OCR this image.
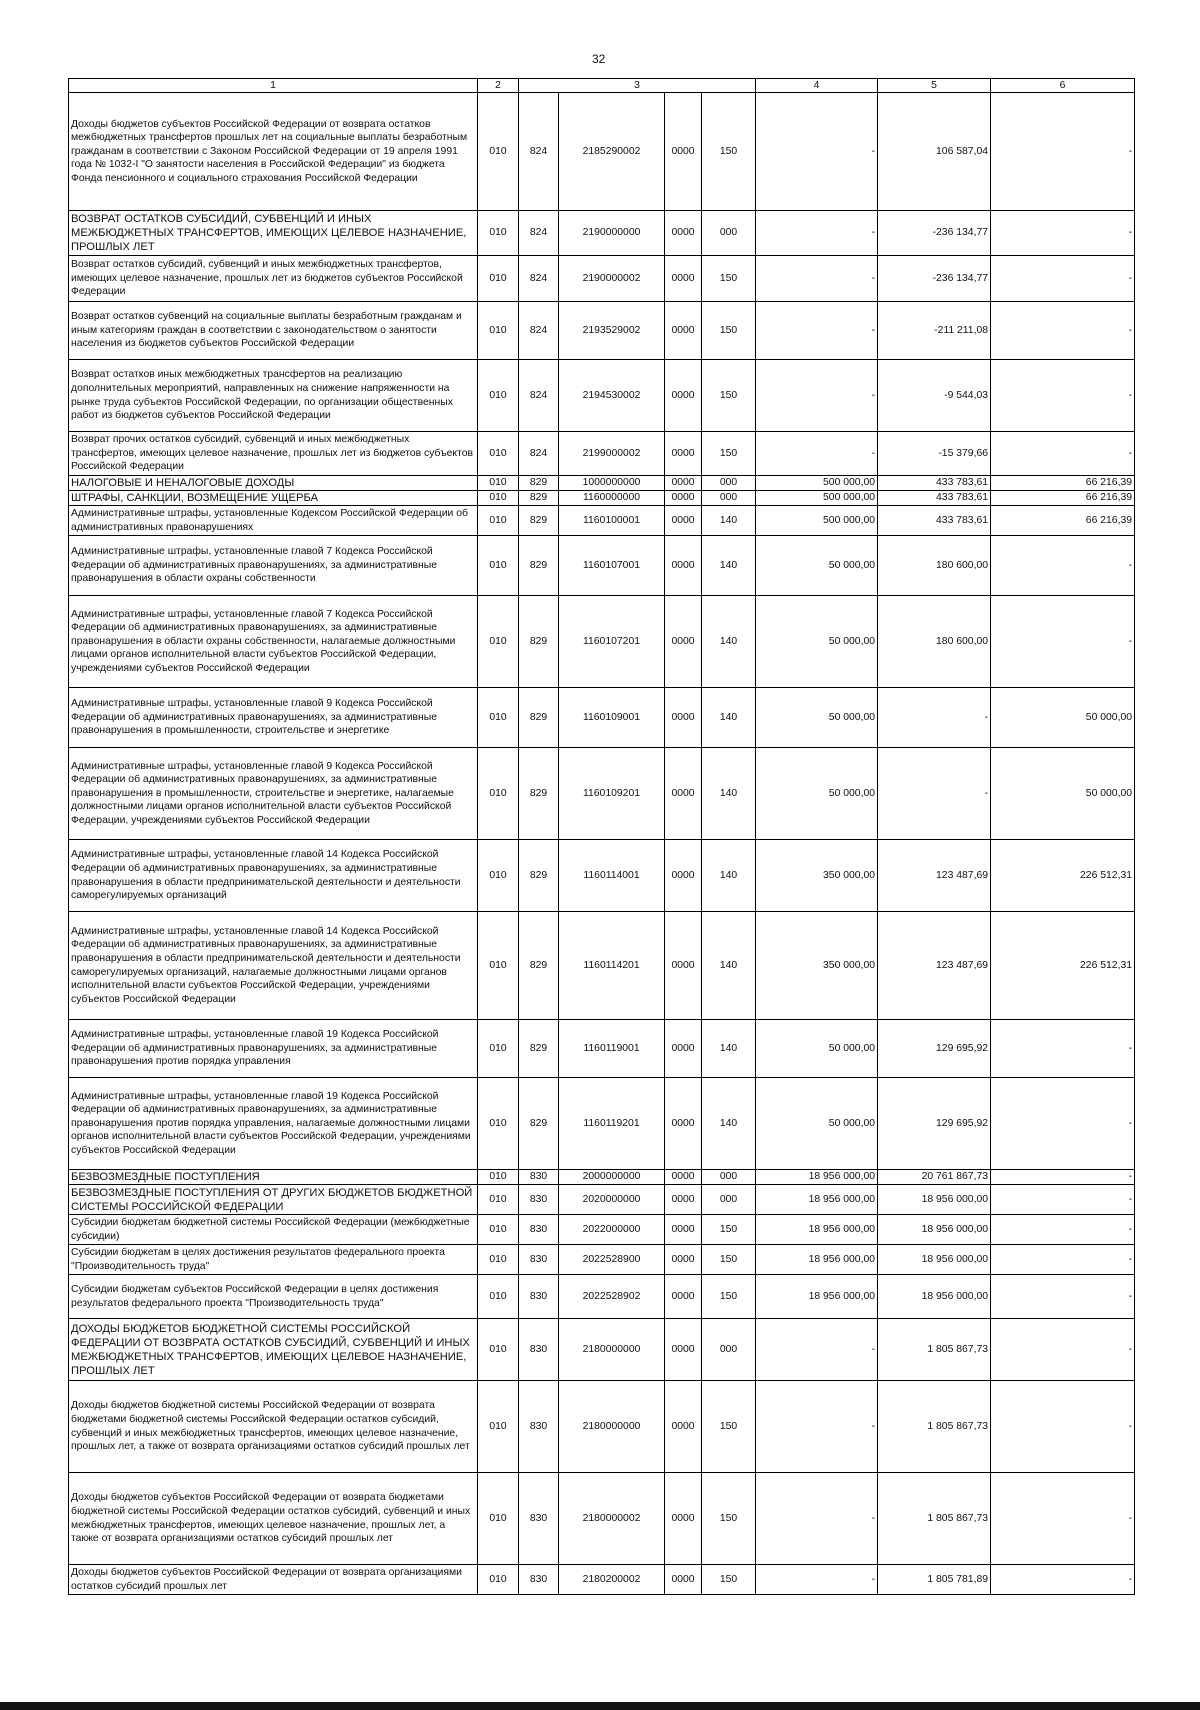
32
1	2	3				4	5	6
Доходы бюджетов субъектов Российской Федерации от возврата остатков межбюджетных трансфертов прошлых лет на социальные выплаты безработным гражданам в соответствии с Законом Российской Федерации от 19 апреля 1991 года № 1032-I "О занятости населения в Российской Федерации" из бюджета Фонда пенсионного и социального страхования Российской Федерации	010	824	2185290002	0000	150	-	106 587,04	-
ВОЗВРАТ ОСТАТКОВ СУБСИДИЙ, СУБВЕНЦИЙ И ИНЫХ МЕЖБЮДЖЕТНЫХ ТРАНСФЕРТОВ, ИМЕЮЩИХ ЦЕЛЕВОЕ НАЗНАЧЕНИЕ, ПРОШЛЫХ ЛЕТ	010	824	2190000000	0000	000	-	-236 134,77	-
Возврат остатков субсидий, субвенций и иных межбюджетных трансфертов, имеющих целевое назначение, прошлых лет из бюджетов субъектов Российской Федерации	010	824	2190000002	0000	150	-	-236 134,77	-
Возврат остатков субвенций на социальные выплаты безработным гражданам и иным категориям граждан в соответствии с законодательством о занятости населения из бюджетов субъектов Российской Федерации	010	824	2193529002	0000	150	-	-211 211,08	-
Возврат остатков иных межбюджетных трансфертов на реализацию дополнительных мероприятий, направленных на снижение напряженности на рынке труда субъектов Российской Федерации, по организации общественных работ из бюджетов субъектов Российской Федерации	010	824	2194530002	0000	150	-	-9 544,03	-
Возврат прочих остатков субсидий, субвенций и иных межбюджетных трансфертов, имеющих целевое назначение, прошлых лет из бюджетов субъектов Российской Федерации	010	824	2199000002	0000	150	-	-15 379,66	-
НАЛОГОВЫЕ И НЕНАЛОГОВЫЕ ДОХОДЫ	010	829	1000000000	0000	000	500 000,00	433 783,61	66 216,39
ШТРАФЫ, САНКЦИИ, ВОЗМЕЩЕНИЕ УЩЕРБА	010	829	1160000000	0000	000	500 000,00	433 783,61	66 216,39
Административные штрафы, установленные Кодексом Российской Федерации об административных правонарушениях	010	829	1160100001	0000	140	500 000,00	433 783,61	66 216,39
Административные штрафы, установленные главой 7 Кодекса Российской Федерации об административных правонарушениях, за административные правонарушения в области охраны собственности	010	829	1160107001	0000	140	50 000,00	180 600,00	-
Административные штрафы, установленные главой 7 Кодекса Российской Федерации об административных правонарушениях, за административные правонарушения в области охраны собственности, налагаемые должностными лицами органов исполнительной власти субъектов Российской Федерации, учреждениями субъектов Российской Федерации	010	829	1160107201	0000	140	50 000,00	180 600,00	-
Административные штрафы, установленные главой 9 Кодекса Российской Федерации об административных правонарушениях, за административные правонарушения в промышленности, строительстве и энергетике	010	829	1160109001	0000	140	50 000,00	-	50 000,00
Административные штрафы, установленные главой 9 Кодекса Российской Федерации об административных правонарушениях, за административные правонарушения в промышленности, строительстве и энергетике, налагаемые должностными лицами органов исполнительной власти субъектов Российской Федерации, учреждениями субъектов Российской Федерации	010	829	1160109201	0000	140	50 000,00	-	50 000,00
Административные штрафы, установленные главой 14 Кодекса Российской Федерации об административных правонарушениях, за административные правонарушения в области предпринимательской деятельности и деятельности саморегулируемых организаций	010	829	1160114001	0000	140	350 000,00	123 487,69	226 512,31
Административные штрафы, установленные главой 14 Кодекса Российской Федерации об административных правонарушениях, за административные правонарушения в области предпринимательской деятельности и деятельности саморегулируемых организаций, налагаемые должностными лицами органов исполнительной власти субъектов Российской Федерации, учреждениями субъектов Российской Федерации	010	829	1160114201	0000	140	350 000,00	123 487,69	226 512,31
Административные штрафы, установленные главой 19 Кодекса Российской Федерации об административных правонарушениях, за административные правонарушения против порядка управления	010	829	1160119001	0000	140	50 000,00	129 695,92	-
Административные штрафы, установленные главой 19 Кодекса Российской Федерации об административных правонарушениях, за административные правонарушения против порядка управления, налагаемые должностными лицами органов исполнительной власти субъектов Российской Федерации, учреждениями субъектов Российской Федерации	010	829	1160119201	0000	140	50 000,00	129 695,92	-
БЕЗВОЗМЕЗДНЫЕ ПОСТУПЛЕНИЯ	010	830	2000000000	0000	000	18 956 000,00	20 761 867,73	-
БЕЗВОЗМЕЗДНЫЕ ПОСТУПЛЕНИЯ ОТ ДРУГИХ БЮДЖЕТОВ БЮДЖЕТНОЙ СИСТЕМЫ РОССИЙСКОЙ ФЕДЕРАЦИИ	010	830	2020000000	0000	000	18 956 000,00	18 956 000,00	-
Субсидии бюджетам бюджетной системы Российской Федерации (межбюджетные субсидии)	010	830	2022000000	0000	150	18 956 000,00	18 956 000,00	-
Субсидии бюджетам в целях достижения результатов федерального проекта "Производительность труда"	010	830	2022528900	0000	150	18 956 000,00	18 956 000,00	-
Субсидии бюджетам субъектов Российской Федерации в целях достижения результатов федерального проекта "Производительность труда"	010	830	2022528902	0000	150	18 956 000,00	18 956 000,00	-
ДОХОДЫ БЮДЖЕТОВ БЮДЖЕТНОЙ СИСТЕМЫ РОССИЙСКОЙ ФЕДЕРАЦИИ ОТ ВОЗВРАТА ОСТАТКОВ СУБСИДИЙ, СУБВЕНЦИЙ И ИНЫХ МЕЖБЮДЖЕТНЫХ ТРАНСФЕРТОВ, ИМЕЮЩИХ ЦЕЛЕВОЕ НАЗНАЧЕНИЕ, ПРОШЛЫХ ЛЕТ	010	830	2180000000	0000	000	-	1 805 867,73	-
Доходы бюджетов бюджетной системы Российской Федерации от возврата бюджетами бюджетной системы Российской Федерации остатков субсидий, субвенций и иных межбюджетных трансфертов, имеющих целевое назначение, прошлых лет, а также от возврата организациями остатков субсидий прошлых лет	010	830	2180000000	0000	150	-	1 805 867,73	-
Доходы бюджетов субъектов Российской Федерации от возврата бюджетами бюджетной системы Российской Федерации остатков субсидий, субвенций и иных межбюджетных трансфертов, имеющих целевое назначение, прошлых лет, а также от возврата организациями остатков субсидий прошлых лет	010	830	2180000002	0000	150	-	1 805 867,73	-
Доходы бюджетов субъектов Российской Федерации от возврата организациями остатков субсидий прошлых лет	010	830	2180200002	0000	150	-	1 805 781,89	-
